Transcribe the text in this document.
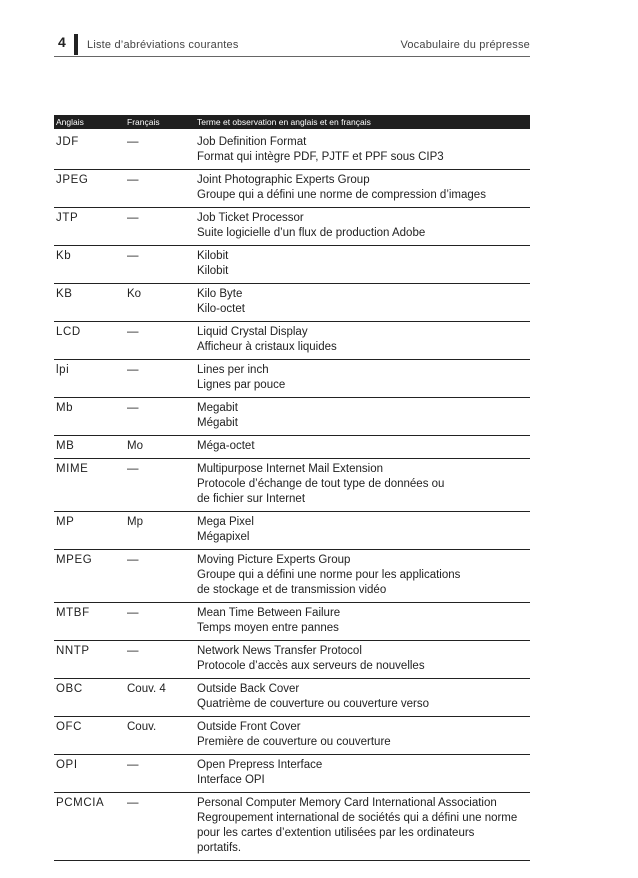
4 Liste d’abréviations courantes	Vocabulaire du prépresse
Anglais	Français	Terme et observation en anglais et en français
JDF	—	Job Definition Format
Format qui intègre PDF, PJTF et PPF sous CIP3
JPEG	—	Joint Photographic Experts Group
Groupe qui a défini une norme de compression d’images
JTP	—	Job Ticket Processor
Suite logicielle d’un flux de production Adobe
Kb	—	Kilobit
Kilobit
KB	Ko	Kilo Byte
Kilo-octet
LCD	—	Liquid Crystal Display
Afficheur à cristaux liquides
lpi	—	Lines per inch
Lignes par pouce
Mb	—	Megabit
Mégabit
MB	Mo	Méga-octet
MIME	—	Multipurpose Internet Mail Extension
Protocole d’échange de tout type de données ou
de fichier sur Internet
MP	Mp	Mega Pixel
Mégapixel
MPEG	—	Moving Picture Experts Group
Groupe qui a défini une norme pour les applications
de stockage et de transmission vidéo
MTBF	—	Mean Time Between Failure
Temps moyen entre pannes
NNTP	—	Network News Transfer Protocol
Protocole d’accès aux serveurs de nouvelles
OBC	Couv. 4	Outside Back Cover
Quatrième de couverture ou couverture verso
OFC	Couv.	Outside Front Cover
Première de couverture ou couverture
OPI	—	Open Prepress Interface
Interface OPI
PCMCIA —	Personal Computer Memory Card International Association
Regroupement international de sociétés qui a défini une norme
pour les cartes d’extention utilisées par les ordinateurs
portatifs.
